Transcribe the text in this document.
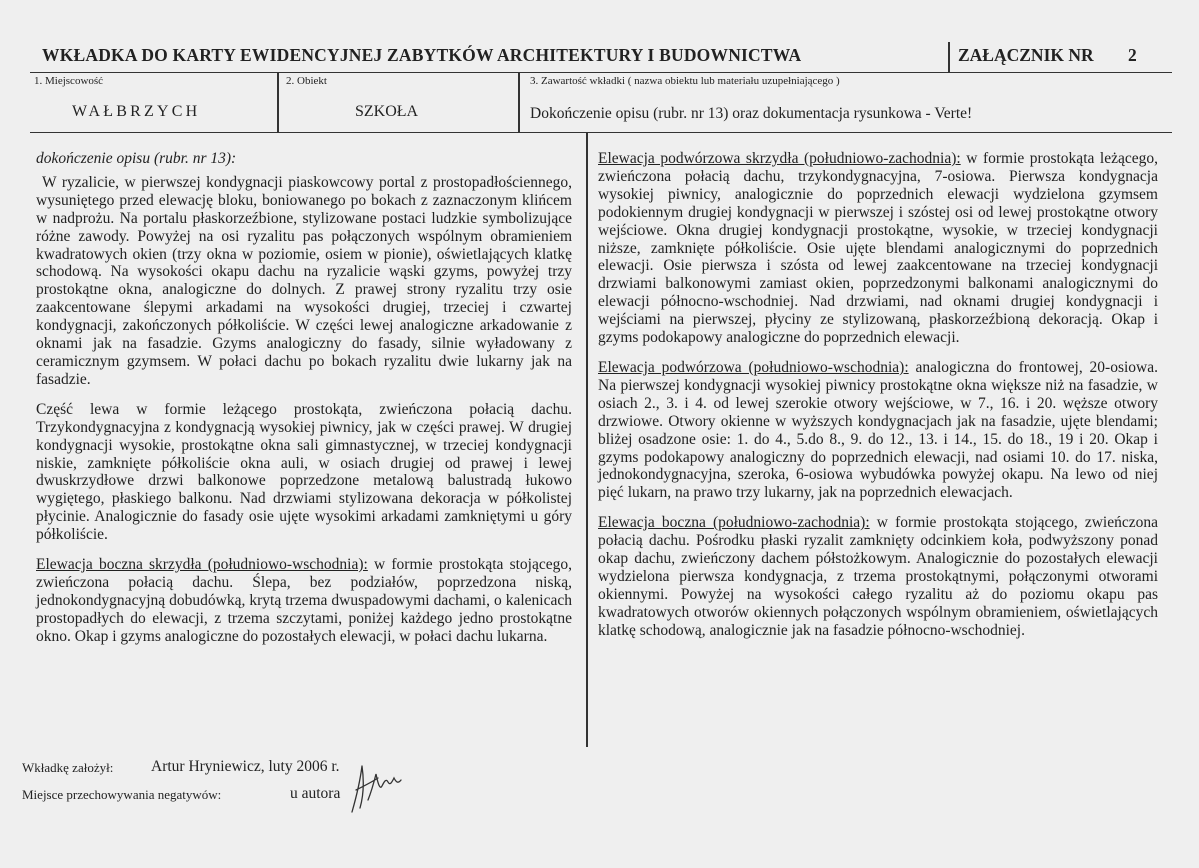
WKŁADKA DO KARTY EWIDENCYJNEJ ZABYTKÓW ARCHITEKTURY I BUDOWNICTWA	ZAŁĄCZNIK NR 2
1. Miejscowość
WAŁBRZYCH
2. Obiekt
SZKOŁA
3. Zawartość wkładki ( nazwa obiektu lub materiału uzupełniającego )
Dokończenie opisu (rubr. nr 13) oraz dokumentacja rysunkowa - Verte!
dokończenie opisu (rubr. nr 13):

W ryzalicie, w pierwszej kondygnacji piaskowcowy portal z prostopadłościennego, wysuniętego przed elewację bloku, boniowanego po bokach z zaznaczonym klińcem w nadprożu. Na portalu płaskorzeźbione, stylizowane postaci ludzkie symbolizujące różne zawody. Powyżej na osi ryzalitu pas połączonych wspólnym obramieniem kwadratowych okien (trzy okna w poziomie, osiem w pionie), oświetlających klatkę schodową. Na wysokości okapu dachu na ryzalicie wąski gzyms, powyżej trzy prostokątne okna, analogiczne do dolnych. Z prawej strony ryzalitu trzy osie zaakcentowane ślepymi arkadami na wysokości drugiej, trzeciej i czwartej kondygnacji, zakończonych półkoliście. W części lewej analogiczne arkadowanie z oknami jak na fasadzie. Gzyms analogiczny do fasady, silnie wyładowany z ceramicznym gzymsem. W połaci dachu po bokach ryzalitu dwie lukarny jak na fasadzie.

Część lewa w formie leżącego prostokąta, zwieńczona połacią dachu. Trzykondygnacyjna z kondygnacją wysokiej piwnicy, jak w części prawej. W drugiej kondygnacji wysokie, prostokątne okna sali gimnastycznej, w trzeciej kondygnacji niskie, zamknięte półkoliście okna auli, w osiach drugiej od prawej i lewej dwuskrzydłowe drzwi balkonowe poprzedzone metalową balustradą łukowo wygiętego, płaskiego balkonu. Nad drzwiami stylizowana dekoracja w półkolistej płycinie. Analogicznie do fasady osie ujęte wysokimi arkadami zamkniętymi u góry półkoliście.

Elewacja boczna skrzydła (południowo-wschodnia): w formie prostokąta stojącego, zwieńczona połacią dachu. Ślepa, bez podziałów, poprzedzona niską, jednokondygnacyjną dobudówką, krytą trzema dwuspadowymi dachami, o kalenicach prostopadłych do elewacji, z trzema szczytami, poniżej każdego jedno prostokątne okno. Okap i gzyms analogiczne do pozostałych elewacji, w połaci dachu lukarna.

Elewacja podwórzowa skrzydła (południowo-zachodnia): w formie prostokąta leżącego, zwieńczona połacią dachu, trzykondygnacyjna, 7-osiowa. Pierwsza kondygnacja wysokiej piwnicy, analogicznie do poprzednich elewacji wydzielona gzymsem podokiennym drugiej kondygnacji w pierwszej i szóstej osi od lewej prostokątne otwory wejściowe. Okna drugiej kondygnacji prostokątne, wysokie, w trzeciej kondygnacji niższe, zamknięte półkoliście. Osie ujęte blendami analogicznymi do poprzednich elewacji. Osie pierwsza i szósta od lewej zaakcentowane na trzeciej kondygnacji drzwiami balkonowymi zamiast okien, poprzedzonymi balkonami analogicznymi do elewacji północno-wschodniej. Nad drzwiami, nad oknami drugiej kondygnacji i wejściami na pierwszej, płyciny ze stylizowaną, płaskorzeźbioną dekoracją. Okap i gzyms podokapowy analogiczne do poprzednich elewacji.

Elewacja podwórzowa (południowo-wschodnia): analogiczna do frontowej, 20-osiowa. Na pierwszej kondygnacji wysokiej piwnicy prostokątne okna większe niż na fasadzie, w osiach 2., 3. i 4. od lewej szerokie otwory wejściowe, w 7., 16. i 20. węższe otwory drzwiowe. Otwory okienne w wyższych kondygnacjach jak na fasadzie, ujęte blendami; bliżej osadzone osie: 1. do 4., 5.do 8., 9. do 12., 13. i 14., 15. do 18., 19 i 20. Okap i gzyms podokapowy analogiczny do poprzednich elewacji, nad osiami 10. do 17. niska, jednokondygnacyjna, szeroka, 6-osiowa wybudówka powyżej okapu. Na lewo od niej pięć lukarn, na prawo trzy lukarny, jak na poprzednich elewacjach.

Elewacja boczna (południowo-zachodnia): w formie prostokąta stojącego, zwieńczona połacią dachu. Pośrodku płaski ryzalit zamknięty odcinkiem koła, podwyższony ponad okap dachu, zwieńczony dachem półstożkowym. Analogicznie do pozostałych elewacji wydzielona pierwsza kondygnacja, z trzema prostokątnymi, połączonymi otworami okiennymi. Powyżej na wysokości całego ryzalitu aż do poziomu okapu pas kwadratowych otworów okiennych połączonych wspólnym obramieniem, oświetlających klatkę schodową, analogicznie jak na fasadzie północno-wschodniej.

Wkładkę założył: Artur Hryniewicz, luty 2006 r.
Miejsce przechowywania negatywów:	u autora
